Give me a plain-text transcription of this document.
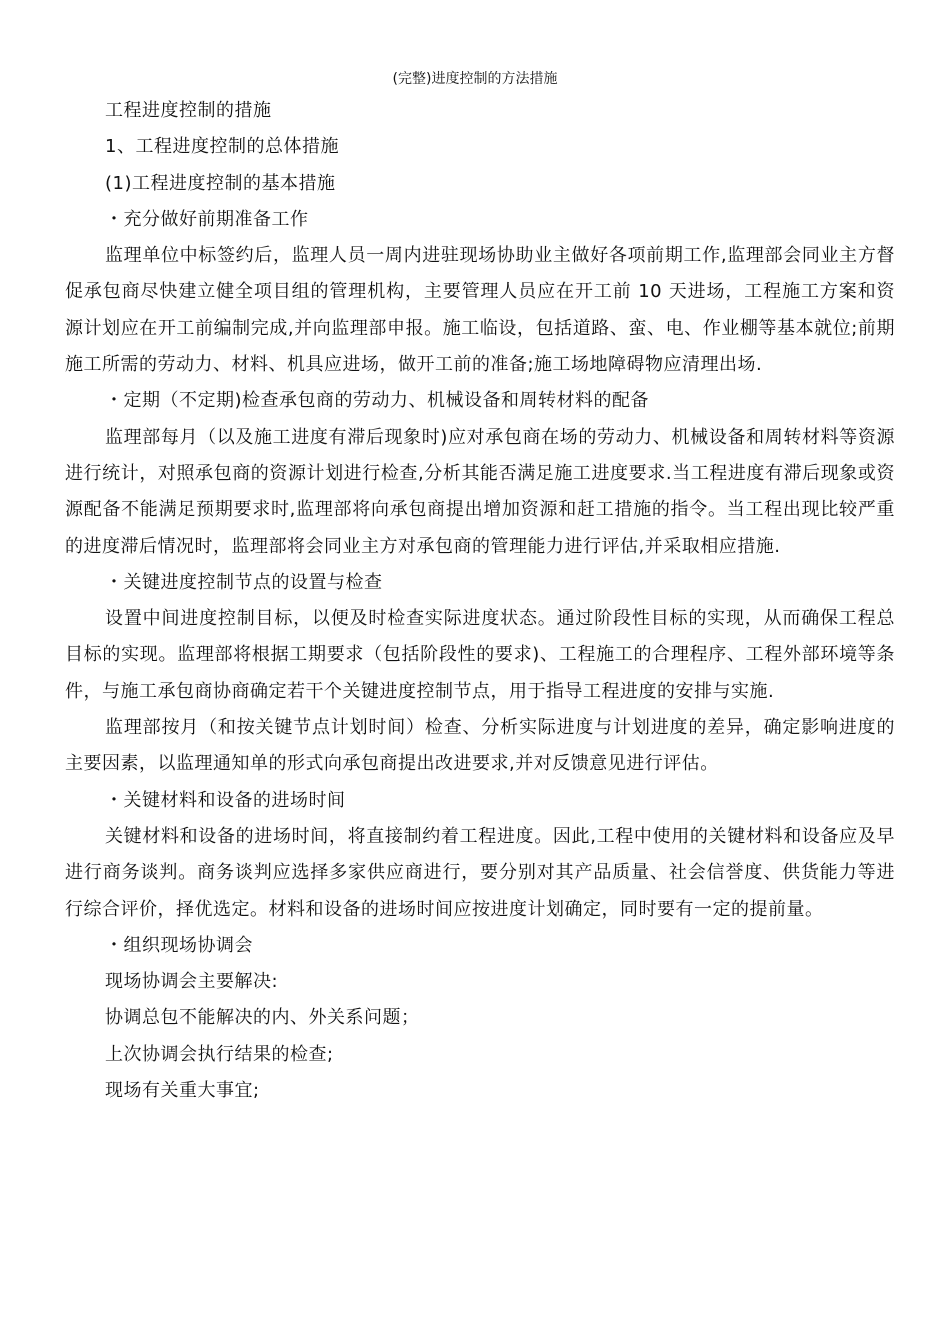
(完整)进度控制的方法措施

工程进度控制的措施

1、工程进度控制的总体措施

(1)工程进度控制的基本措施

・充分做好前期准备工作

监理单位中标签约后，监理人员一周内进驻现场协助业主做好各项前期工作,监理部会同业主方督促承包商尽快建立健全项目组的管理机构，主要管理人员应在开工前 10 天进场，工程施工方案和资源计划应在开工前编制完成,并向监理部申报。施工临设，包括道路、蛮、电、作业棚等基本就位;前期施工所需的劳动力、材料、机具应进场，做开工前的准备;施工场地障碍物应清理出场.

・定期（不定期)检查承包商的劳动力、机械设备和周转材料的配备

监理部每月（以及施工进度有滞后现象时)应对承包商在场的劳动力、机械设备和周转材料等资源进行统计，对照承包商的资源计划进行检查,分析其能否满足施工进度要求.当工程进度有滞后现象或资源配备不能满足预期要求时,监理部将向承包商提出增加资源和赶工措施的指令。当工程出现比较严重的进度滞后情况时，监理部将会同业主方对承包商的管理能力进行评估,并采取相应措施.

・关键进度控制节点的设置与检查

设置中间进度控制目标，以便及时检查实际进度状态。通过阶段性目标的实现，从而确保工程总目标的实现。监理部将根据工期要求（包括阶段性的要求)、工程施工的合理程序、工程外部环境等条件，与施工承包商协商确定若干个关键进度控制节点，用于指导工程进度的安排与实施.

监理部按月（和按关键节点计划时间）检查、分析实际进度与计划进度的差异，确定影响进度的主要因素，以监理通知单的形式向承包商提出改进要求,并对反馈意见进行评估。

・关键材料和设备的进场时间

关键材料和设备的进场时间，将直接制约着工程进度。因此,工程中使用的关键材料和设备应及早进行商务谈判。商务谈判应选择多家供应商进行，要分别对其产品质量、社会信誉度、供货能力等进行综合评价，择优选定。材料和设备的进场时间应按进度计划确定，同时要有一定的提前量。

・组织现场协调会

现场协调会主要解决:

协调总包不能解决的内、外关系问题；

上次协调会执行结果的检查;

现场有关重大事宜;
